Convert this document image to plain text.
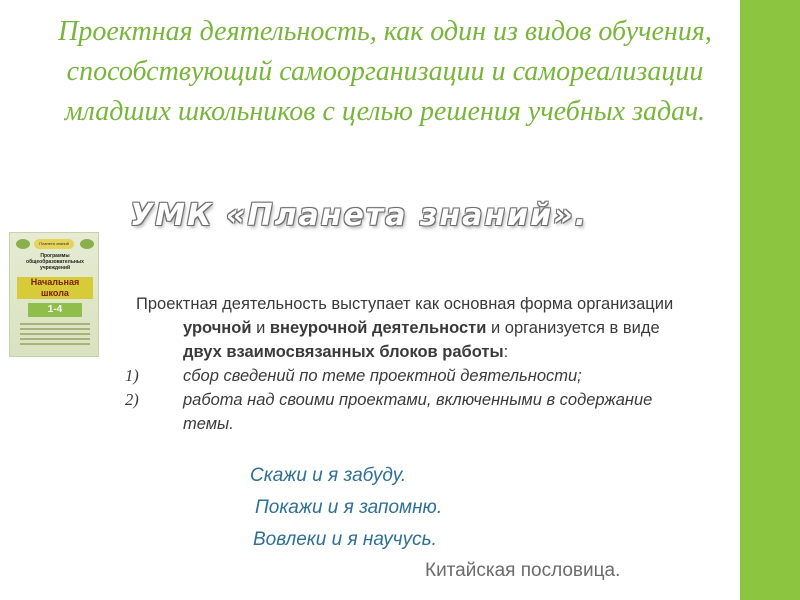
Проектная деятельность, как один из видов обучения, способствующий самоорганизации и самореализации младших школьников с целью решения учебных задач.
УМК «Планета знаний».
Планета знаний
Программы общеобразовательных учреждений
Начальная школа
1-4	Проектная деятельность выступает как основная форма организации урочной и внеурочной деятельности и организуется в виде двух взаимосвязанных блоков работы:

1)	сбор сведений по теме проектной деятельности;
2)	работа над своими проектами, включенными в содержание темы.
Скажи и я забуду.
Покажи и я запомню.
Вовлеки и я научусь.
Китайская пословица.
